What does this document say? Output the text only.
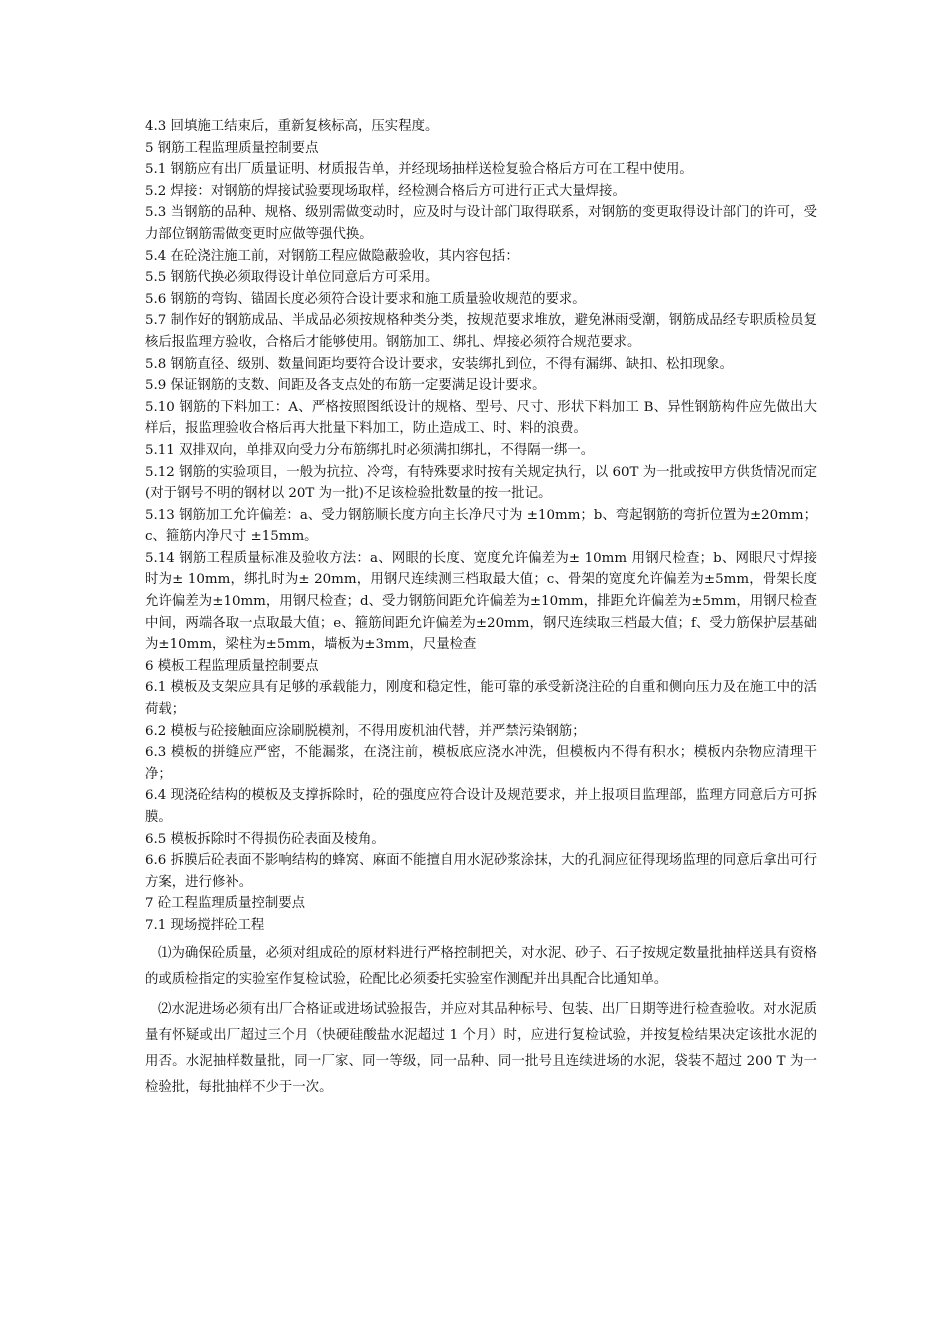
4.3 回填施工结束后，重新复核标高，压实程度。

5 钢筋工程监理质量控制要点

5.1 钢筋应有出厂质量证明、材质报告单，并经现场抽样送检复验合格后方可在工程中使用。

5.2 焊接：对钢筋的焊接试验要现场取样，经检测合格后方可进行正式大量焊接。

5.3 当钢筋的品种、规格、级别需做变动时，应及时与设计部门取得联系，对钢筋的变更取得设计部门的许可，受力部位钢筋需做变更时应做等强代换。

5.4 在砼浇注施工前，对钢筋工程应做隐蔽验收，其内容包括：

5.5 钢筋代换必须取得设计单位同意后方可采用。

5.6 钢筋的弯钩、锚固长度必须符合设计要求和施工质量验收规范的要求。

5.7 制作好的钢筋成品、半成品必须按规格种类分类，按规范要求堆放，避免淋雨受潮，钢筋成品经专职质检员复核后报监理方验收，合格后才能够使用。钢筋加工、绑扎、焊接必须符合规范要求。

5.8 钢筋直径、级别、数量间距均要符合设计要求，安装绑扎到位，不得有漏绑、缺扣、松扣现象。

5.9 保证钢筋的支数、间距及各支点处的布筋一定要满足设计要求。

5.10 钢筋的下料加工：A、严格按照图纸设计的规格、型号、尺寸、形状下料加工 B、异性钢筋构件应先做出大样后，报监理验收合格后再大批量下料加工，防止造成工、时、料的浪费。

5.11 双排双向，单排双向受力分布筋绑扎时必须满扣绑扎，不得隔一绑一。

5.12 钢筋的实验项目，一般为抗拉、冷弯，有特殊要求时按有关规定执行，以 60T 为一批或按甲方供货情况而定(对于钢号不明的钢材以 20T 为一批)不足该检验批数量的按一批记。

5.13 钢筋加工允许偏差：a、受力钢筋顺长度方向主长净尺寸为 ±10mm；b、弯起钢筋的弯折位置为±20mm；c、箍筋内净尺寸 ±15mm。

5.14 钢筋工程质量标准及验收方法：a、网眼的长度、宽度允许偏差为± 10mm 用钢尺检查；b、网眼尺寸焊接时为± 10mm，绑扎时为± 20mm，用钢尺连续测三档取最大值；c、骨架的宽度允许偏差为±5mm，骨架长度允许偏差为±10mm，用钢尺检查；d、受力钢筋间距允许偏差为±10mm，排距允许偏差为±5mm，用钢尺检查中间，两端各取一点取最大值；e、箍筋间距允许偏差为±20mm，钢尺连续取三档最大值；f、受力筋保护层基础为±10mm，梁柱为±5mm，墙板为±3mm，尺量检查

6 模板工程监理质量控制要点

6.1 模板及支架应具有足够的承载能力，刚度和稳定性，能可靠的承受新浇注砼的自重和侧向压力及在施工中的活荷载；

6.2 模板与砼接触面应涂刷脱模剂，不得用废机油代替，并严禁污染钢筋；

6.3 模板的拼缝应严密，不能漏浆，在浇注前，模板底应浇水冲洗，但模板内不得有积水；模板内杂物应清理干净；

6.4 现浇砼结构的模板及支撑拆除时，砼的强度应符合设计及规范要求，并上报项目监理部，监理方同意后方可拆膜。

6.5 模板拆除时不得损伤砼表面及棱角。

6.6 拆膜后砼表面不影响结构的蜂窝、麻面不能擅自用水泥砂浆涂抹，大的孔洞应征得现场监理的同意后拿出可行方案，进行修补。

7 砼工程监理质量控制要点

7.1 现场搅拌砼工程

⑴为确保砼质量，必须对组成砼的原材料进行严格控制把关，对水泥、砂子、石子按规定数量批抽样送具有资格的或质检指定的实验室作复检试验，砼配比必须委托实验室作测配并出具配合比通知单。

⑵水泥进场必须有出厂合格证或进场试验报告，并应对其品种标号、包装、出厂日期等进行检查验收。对水泥质量有怀疑或出厂超过三个月（快硬硅酸盐水泥超过 1 个月）时，应进行复检试验，并按复检结果决定该批水泥的用否。水泥抽样数量批，同一厂家、同一等级，同一品种、同一批号且连续进场的水泥，袋装不超过 200 T 为一检验批，每批抽样不少于一次。
